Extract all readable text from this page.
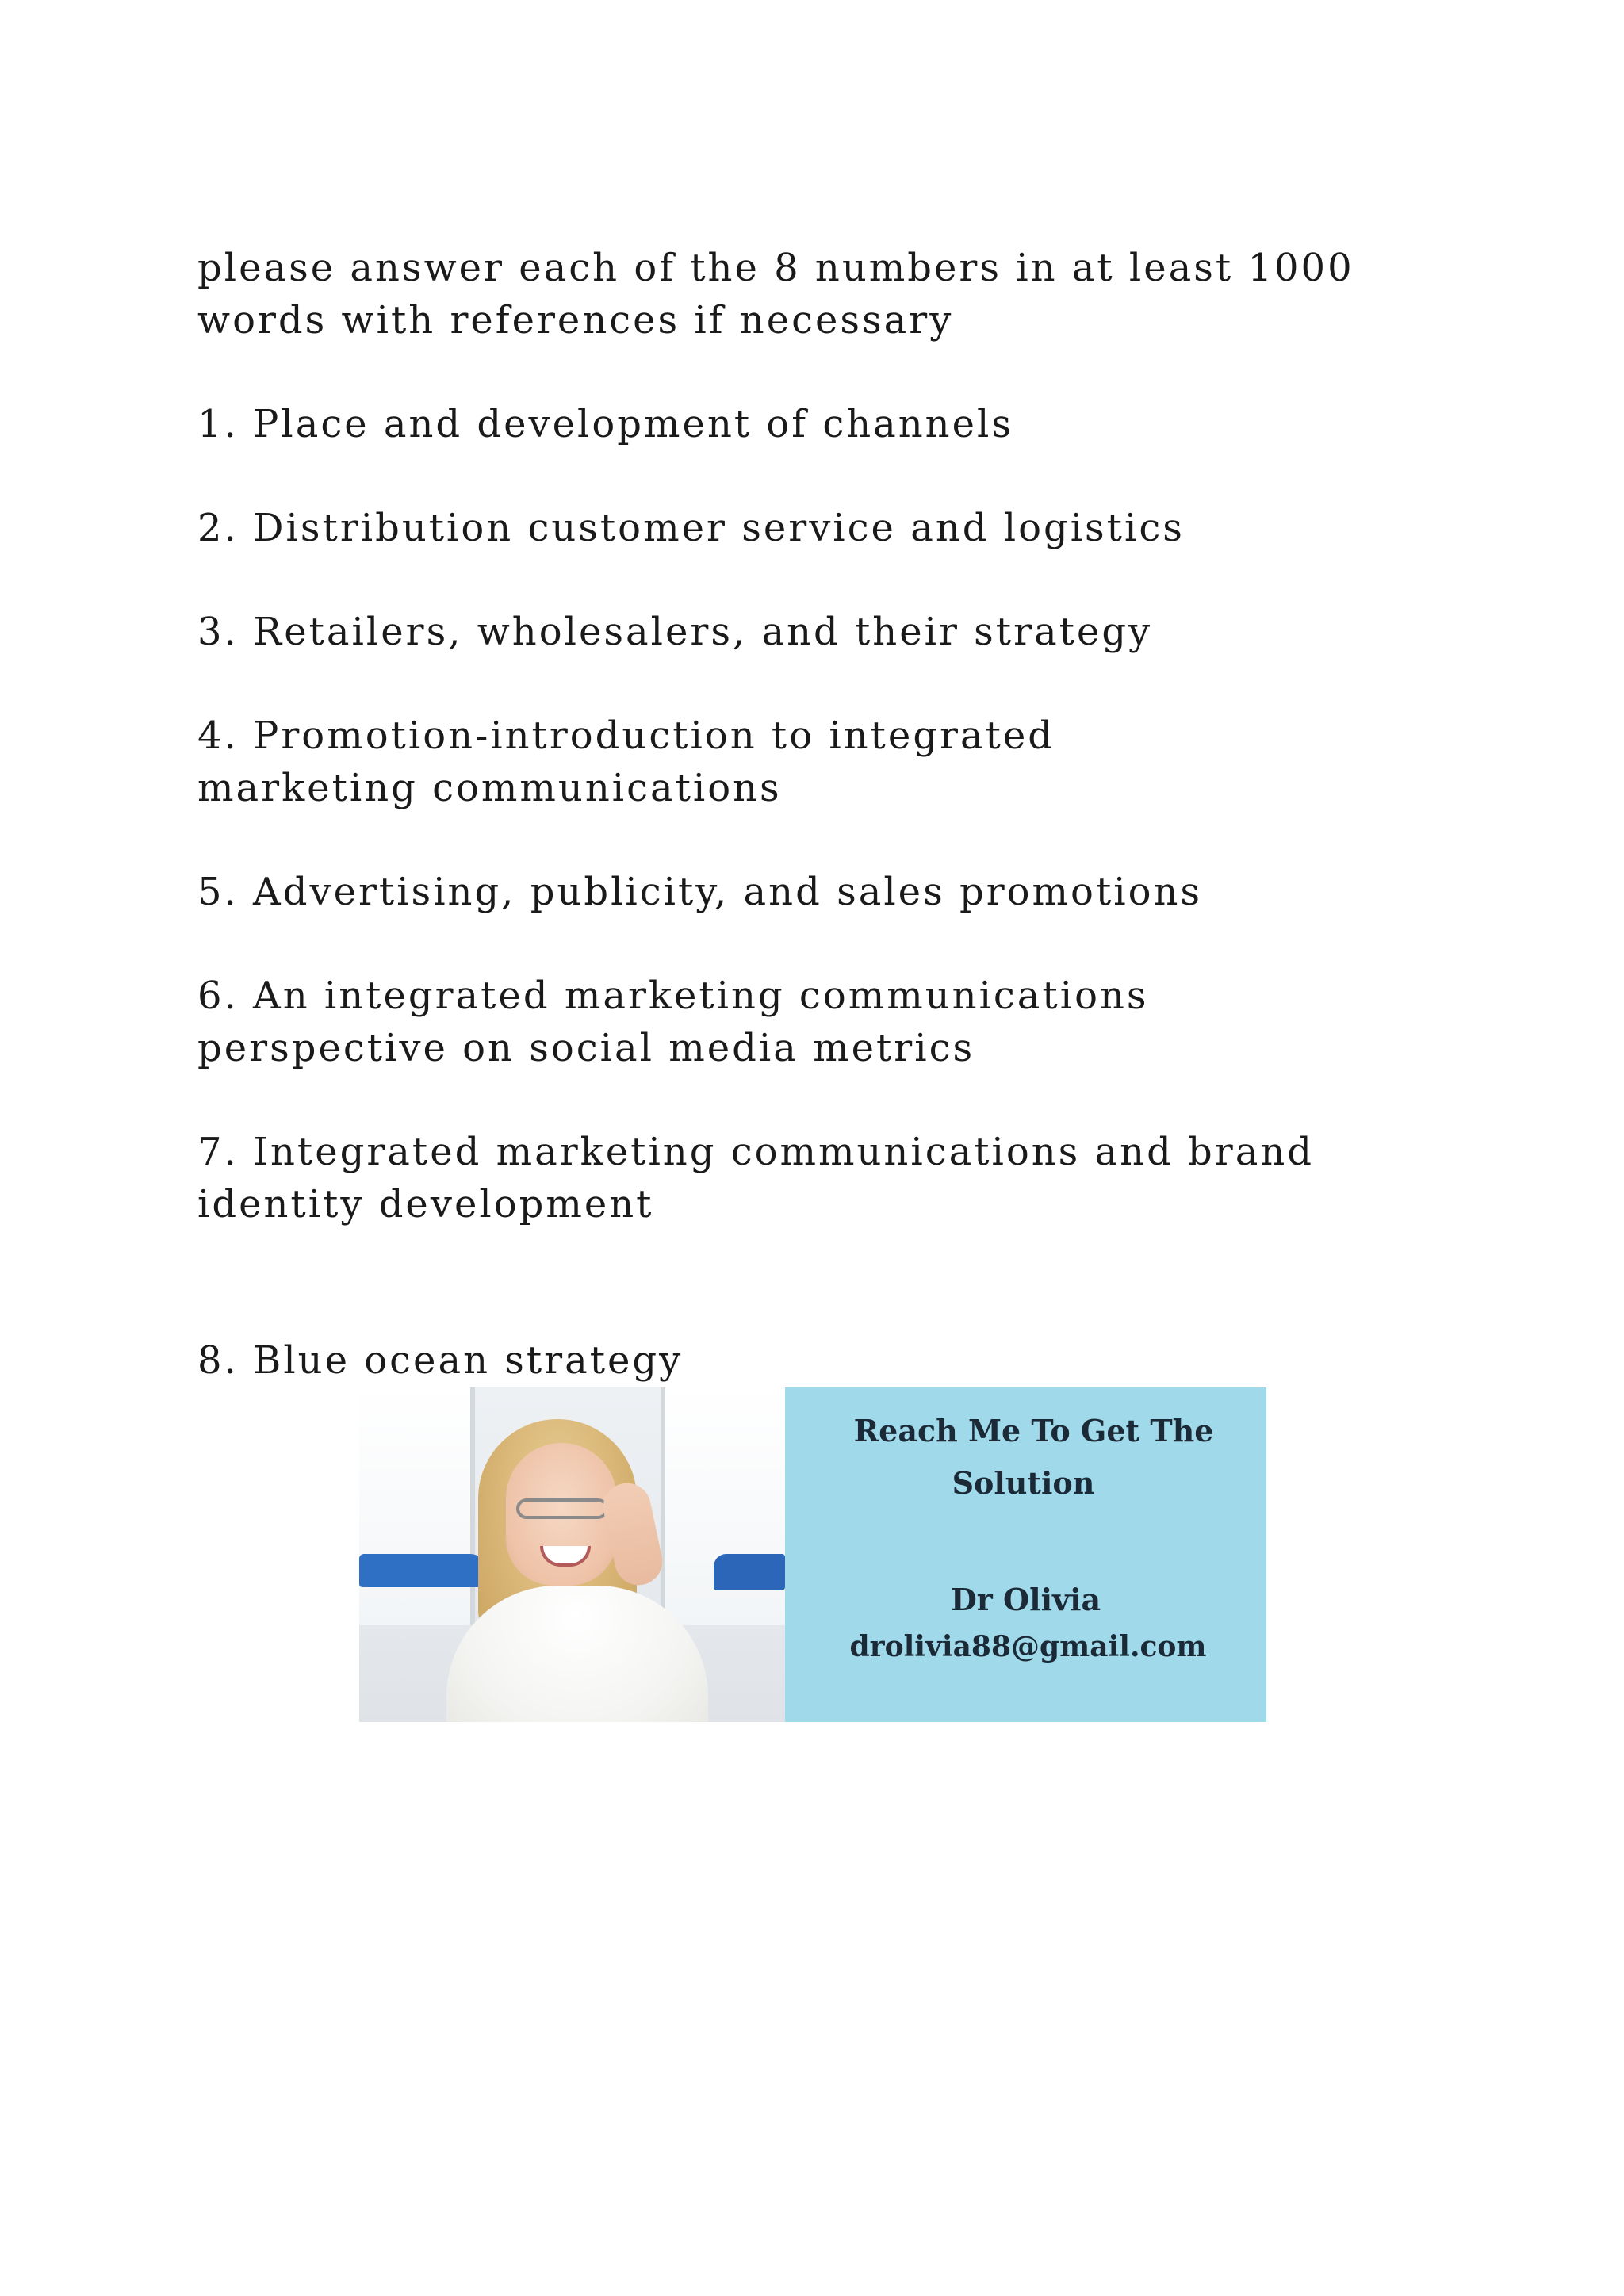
please answer each of the 8 numbers in at least 1000 words with references if necessary
1. Place and development of channels
2. Distribution customer service and logistics
3. Retailers, wholesalers, and their strategy
4. Promotion-introduction to integrated marketing communications
5. Advertising, publicity, and sales promotions
6. An integrated marketing communications perspective on social media metrics
7. Integrated marketing communications and brand identity development
8. Blue ocean strategy
Reach Me To Get The
Solution
Dr Olivia
drolivia88@gmail.com
